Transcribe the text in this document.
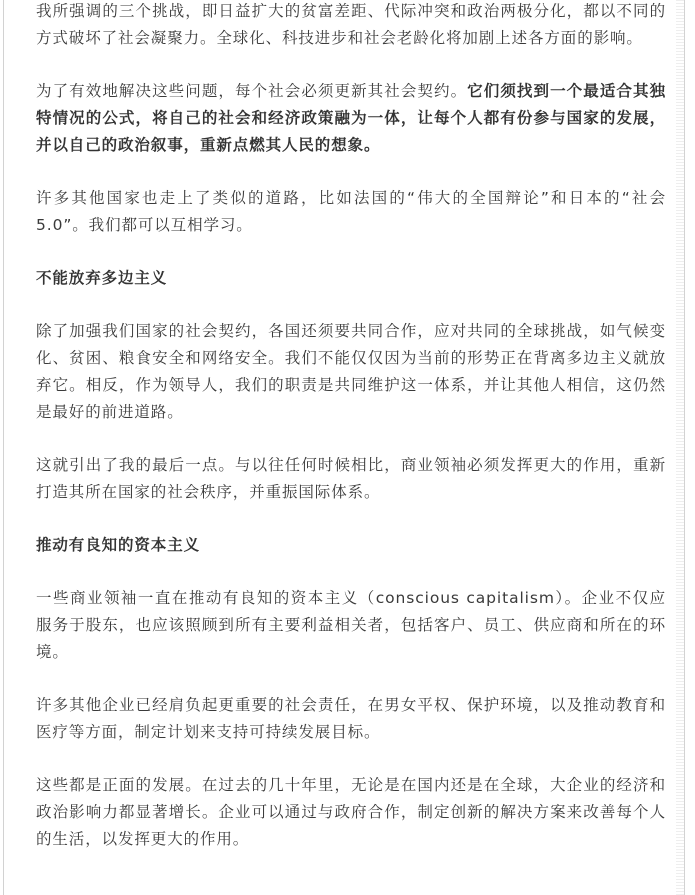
我所强调的三个挑战，即日益扩大的贫富差距、代际冲突和政治两极分化，都以不同的方式破坏了社会凝聚力。全球化、科技进步和社会老龄化将加剧上述各方面的影响。

为了有效地解决这些问题，每个社会必须更新其社会契约。它们须找到一个最适合其独特情况的公式，将自己的社会和经济政策融为一体，让每个人都有份参与国家的发展，并以自己的政治叙事，重新点燃其人民的想象。

许多其他国家也走上了类似的道路，比如法国的“伟大的全国辩论”和日本的“社会5.0”。我们都可以互相学习。

不能放弃多边主义

除了加强我们国家的社会契约，各国还须要共同合作，应对共同的全球挑战，如气候变化、贫困、粮食安全和网络安全。我们不能仅仅因为当前的形势正在背离多边主义就放弃它。相反，作为领导人，我们的职责是共同维护这一体系，并让其他人相信，这仍然是最好的前进道路。

这就引出了我的最后一点。与以往任何时候相比，商业领袖必须发挥更大的作用，重新打造其所在国家的社会秩序，并重振国际体系。

推动有良知的资本主义

一些商业领袖一直在推动有良知的资本主义（conscious capitalism）。企业不仅应服务于股东，也应该照顾到所有主要利益相关者，包括客户、员工、供应商和所在的环境。

许多其他企业已经肩负起更重要的社会责任，在男女平权、保护环境，以及推动教育和医疗等方面，制定计划来支持可持续发展目标。

这些都是正面的发展。在过去的几十年里，无论是在国内还是在全球，大企业的经济和政治影响力都显著增长。企业可以通过与政府合作，制定创新的解决方案来改善每个人的生活，以发挥更大的作用。
